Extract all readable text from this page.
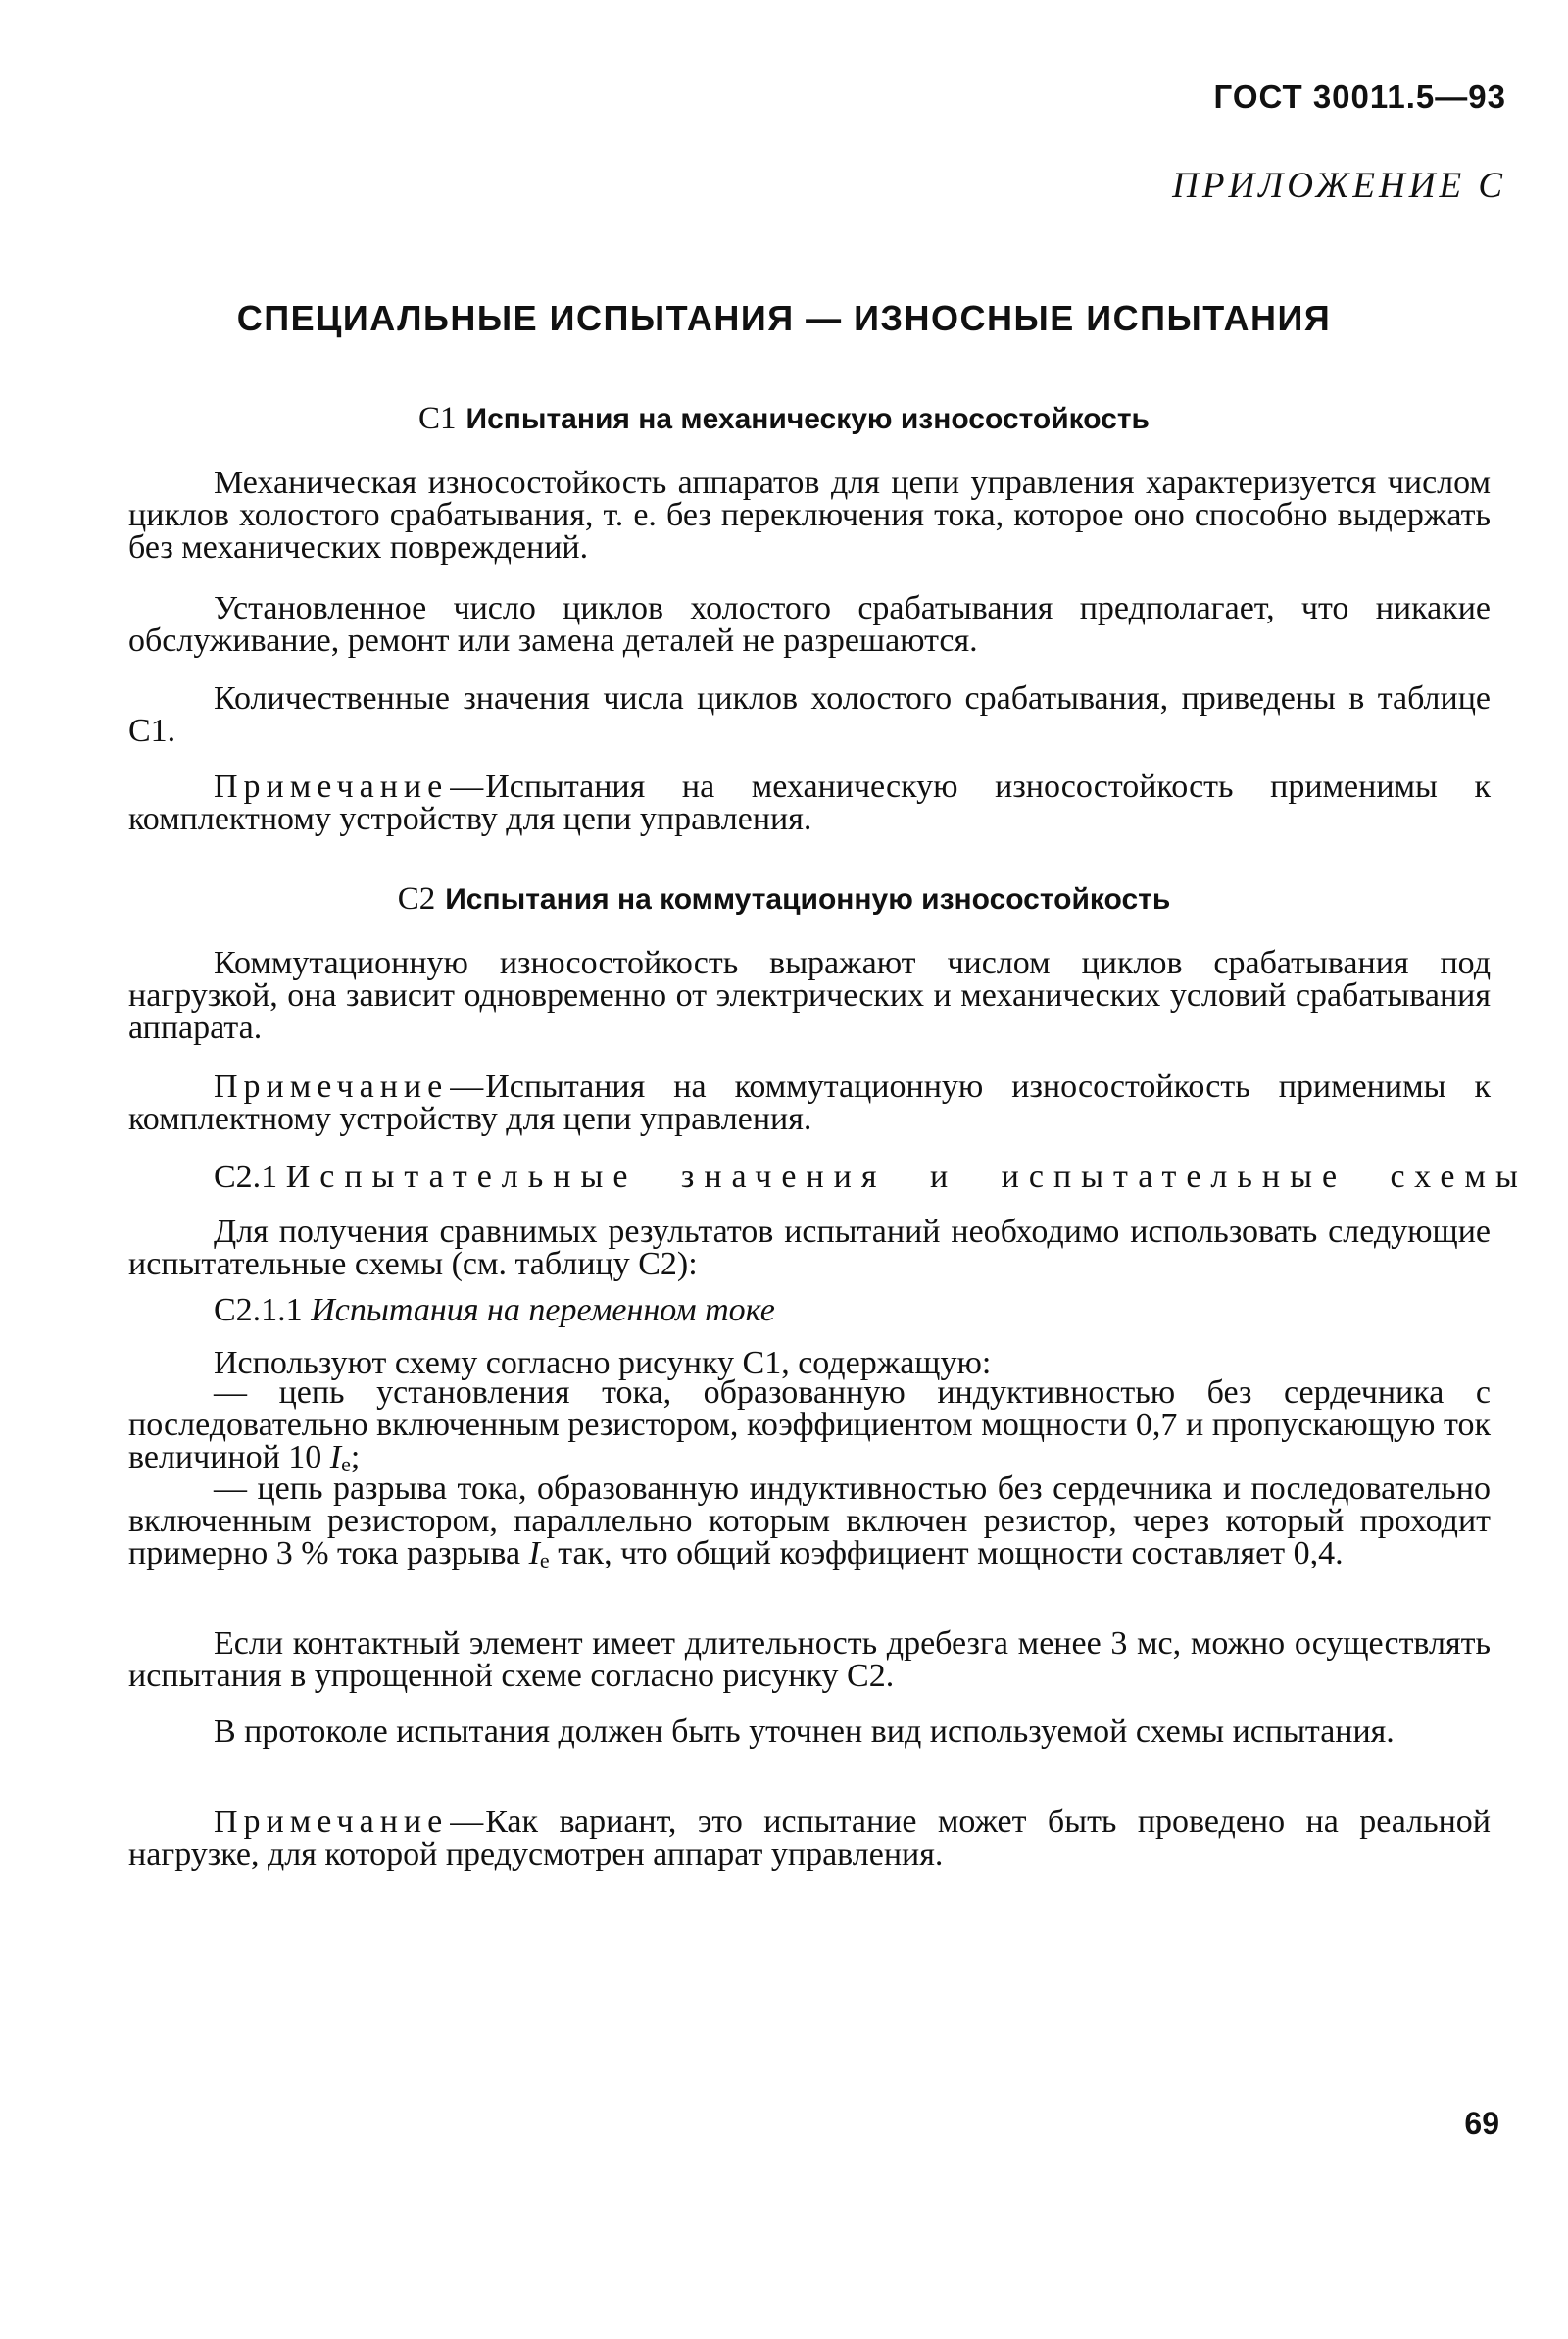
ГОСТ 30011.5—93
ПРИЛОЖЕНИЕ С
СПЕЦИАЛЬНЫЕ ИСПЫТАНИЯ — ИЗНОСНЫЕ ИСПЫТАНИЯ
C1 Испытания на механическую износостойкость
Механическая износостойкость аппаратов для цепи управления характеризуется числом циклов холостого срабатывания, т. е. без переключения тока, которое оно способно выдержать без механических повреждений.
Установленное число циклов холостого срабатывания предполагает, что никакие обслуживание, ремонт или замена деталей не разрешаются.
Количественные значения числа циклов холостого срабатывания, приведены в таблице C1.
Примечание—Испытания на механическую износостойкость применимы к комплектному устройству для цепи управления.
C2 Испытания на коммутационную износостойкость
Коммутационную износостойкость выражают числом циклов срабатывания под нагрузкой, она зависит одновременно от электрических и механических условий срабатывания аппарата.
Примечание—Испытания на коммутационную износостойкость применимы к комплектному устройству для цепи управления.
C2.1 Испытательные значения и испытательные схемы
Для получения сравнимых результатов испытаний необходимо использовать следующие испытательные схемы (см. таблицу C2):
C2.1.1 Испытания на переменном токе
Используют схему согласно рисунку C1, содержащую:
— цепь установления тока, образованную индуктивностью без сердечника с последовательно включенным резистором, коэффициентом мощности 0,7 и пропускающую ток величиной 10 $I_e$;
— цепь разрыва тока, образованную индуктивностью без сердечника и последовательно включенным резистором, параллельно которым включен резистор, через который проходит примерно 3 % тока разрыва $I_e$ так, что общий коэффициент мощности составляет 0,4.
Если контактный элемент имеет длительность дребезга менее 3 мс, можно осуществлять испытания в упрощенной схеме согласно рисунку C2.
В протоколе испытания должен быть уточнен вид используемой схемы испытания.
Примечание—Как вариант, это испытание может быть проведено на реальной нагрузке, для которой предусмотрен аппарат управления.
69
